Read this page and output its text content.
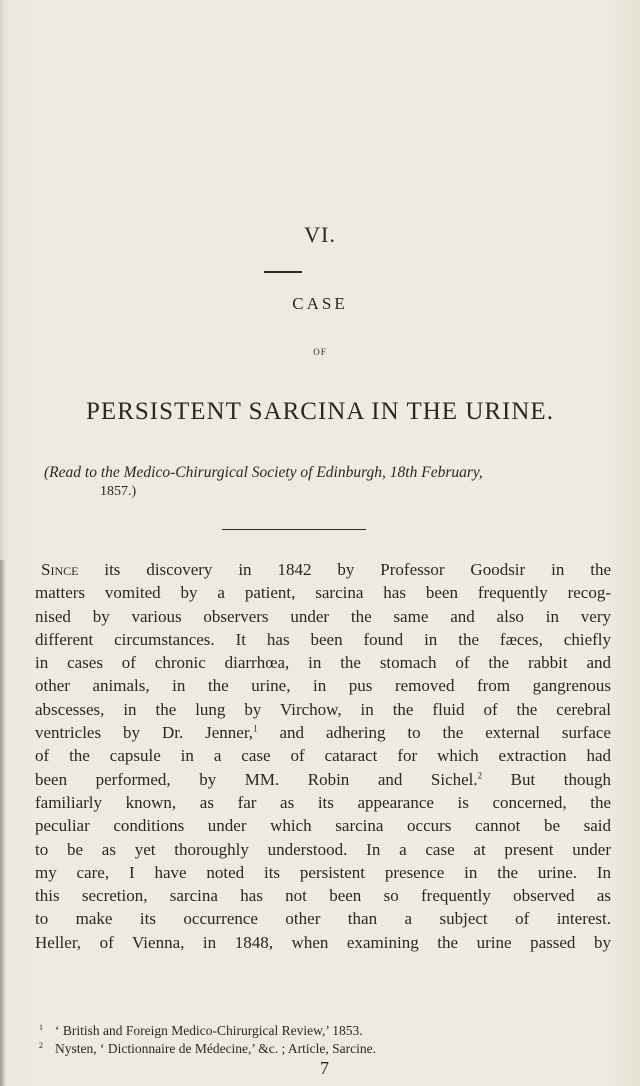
VI.
CASE
OF
PERSISTENT SARCINA IN THE URINE.
(Read to the Medico-Chirurgical Society of Edinburgh, 18th February,
1857.)
Since its discovery in 1842 by Professor Goodsir in the
matters vomited by a patient, sarcina has been frequently recog-
nised by various observers under the same and also in very
different circumstances. It has been found in the fæces, chiefly
in cases of chronic diarrhœa, in the stomach of the rabbit and
other animals, in the urine, in pus removed from gangrenous
abscesses, in the lung by Virchow, in the fluid of the cerebral
ventricles by Dr. Jenner,$^1$ and adhering to the external surface
of the capsule in a case of cataract for which extraction had
been performed, by MM. Robin and Sichel.$^2$ But though
familiarly known, as far as its appearance is concerned, the
peculiar conditions under which sarcina occurs cannot be said
to be as yet thoroughly understood. In a case at present under
my care, I have noted its persistent presence in the urine. In
this secretion, sarcina has not been so frequently observed as
to make its occurrence other than a subject of interest.
Heller, of Vienna, in 1848, when examining the urine passed by
1 ‘ British and Foreign Medico-Chirurgical Review,’ 1853.
2 Nysten, ‘ Dictionnaire de Médecine,’ &c. ; Article, Sarcine.
7
